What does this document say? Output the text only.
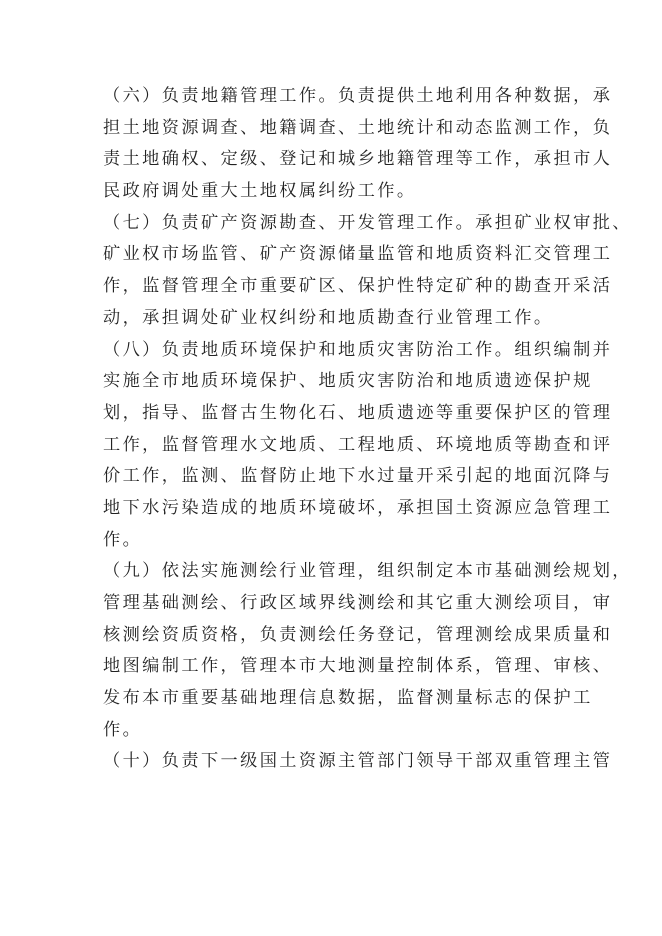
（六）负责地籍管理工作。负责提供土地利用各种数据，承
担土地资源调查、地籍调查、土地统计和动态监测工作，负
责土地确权、定级、登记和城乡地籍管理等工作，承担市人
民政府调处重大土地权属纠纷工作。
（七）负责矿产资源勘查、开发管理工作。承担矿业权审批、
矿业权市场监管、矿产资源储量监管和地质资料汇交管理工
作，监督管理全市重要矿区、保护性特定矿种的勘查开采活
动，承担调处矿业权纠纷和地质勘查行业管理工作。
（八）负责地质环境保护和地质灾害防治工作。组织编制并
实施全市地质环境保护、地质灾害防治和地质遗迹保护规
划，指导、监督古生物化石、地质遗迹等重要保护区的管理
工作，监督管理水文地质、工程地质、环境地质等勘查和评
价工作，监测、监督防止地下水过量开采引起的地面沉降与
地下水污染造成的地质环境破坏，承担国土资源应急管理工
作。
（九）依法实施测绘行业管理，组织制定本市基础测绘规划，
管理基础测绘、行政区域界线测绘和其它重大测绘项目，审
核测绘资质资格，负责测绘任务登记，管理测绘成果质量和
地图编制工作，管理本市大地测量控制体系，管理、审核、
发布本市重要基础地理信息数据，监督测量标志的保护工
作。
（十）负责下一级国土资源主管部门领导干部双重管理主管
